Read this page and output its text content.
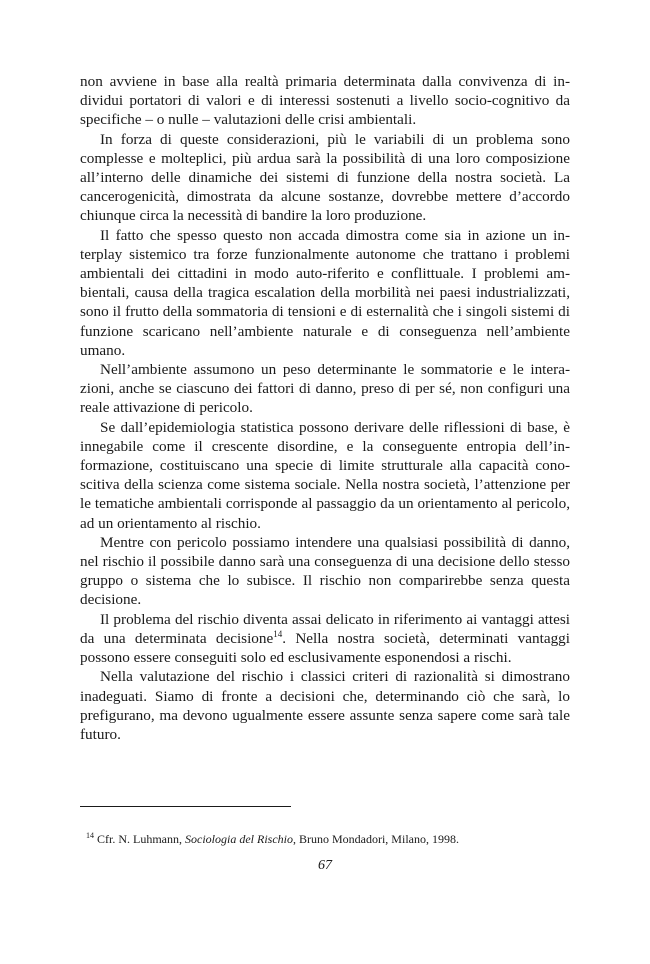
non avviene in base alla realtà primaria determinata dalla convivenza di individui portatori di valori e di interessi sostenuti a livello socio-cognitivo da specifiche – o nulle – valutazioni delle crisi ambientali.

In forza di queste considerazioni, più le variabili di un problema sono complesse e molteplici, più ardua sarà la possibilità di una loro composizione all’interno delle dinamiche dei sistemi di funzione della nostra società. La cancerogenicità, dimostrata da alcune sostanze, dovrebbe mettere d’accordo chiunque circa la necessità di bandire la loro produzione.

Il fatto che spesso questo non accada dimostra come sia in azione un interplay sistemico tra forze funzionalmente autonome che trattano i problemi ambientali dei cittadini in modo auto-riferito e conflittuale. I problemi ambientali, causa della tragica escalation della morbilità nei paesi industrializzati, sono il frutto della sommatoria di tensioni e di esternalità che i singoli sistemi di funzione scaricano nell’ambiente naturale e di conseguenza nell’ambiente umano.

Nell’ambiente assumono un peso determinante le sommatorie e le interazioni, anche se ciascuno dei fattori di danno, preso di per sé, non configuri una reale attivazione di pericolo.

Se dall’epidemiologia statistica possono derivare delle riflessioni di base, è innegabile come il crescente disordine, e la conseguente entropia dell’informazione, costituiscano una specie di limite strutturale alla capacità conoscitiva della scienza come sistema sociale. Nella nostra società, l’attenzione per le tematiche ambientali corrisponde al passaggio da un orientamento al pericolo, ad un orientamento al rischio.

Mentre con pericolo possiamo intendere una qualsiasi possibilità di danno, nel rischio il possibile danno sarà una conseguenza di una decisione dello stesso gruppo o sistema che lo subisce. Il rischio non comparirebbe senza questa decisione.

Il problema del rischio diventa assai delicato in riferimento ai vantaggi attesi da una determinata decisione$^{14}$. Nella nostra società, determinati vantaggi possono essere conseguiti solo ed esclusivamente esponendosi a rischi.

Nella valutazione del rischio i classici criteri di razionalità si dimostrano inadeguati. Siamo di fronte a decisioni che, determinando ciò che sarà, lo prefigurano, ma devono ugualmente essere assunte senza sapere come sarà tale futuro.

$^{14}$ Cfr. N. Luhmann, Sociologia del Rischio, Bruno Mondadori, Milano, 1998.
67
